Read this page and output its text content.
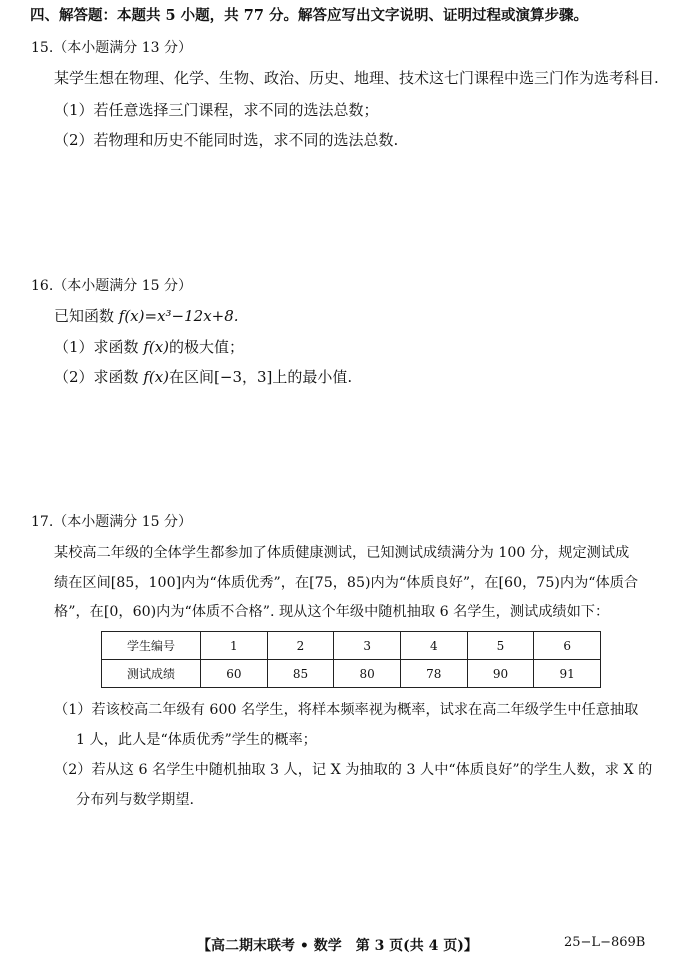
四、解答题：本题共 5 小题，共 77 分。解答应写出文字说明、证明过程或演算步骤。
15.（本小题满分 13 分）
某学生想在物理、化学、生物、政治、历史、地理、技术这七门课程中选三门作为选考科目.
（1）若任意选择三门课程，求不同的选法总数；
（2）若物理和历史不能同时选，求不同的选法总数.
16.（本小题满分 15 分）
已知函数 f(x)=x³−12x+8.
（1）求函数 f(x)的极大值；
（2）求函数 f(x)在区间[−3，3]上的最小值.
17.（本小题满分 15 分）
某校高二年级的全体学生都参加了体质健康测试，已知测试成绩满分为 100 分，规定测试成
绩在区间[85，100]内为“体质优秀”，在[75，85)内为“体质良好”，在[60，75)内为“体质合
格”，在[0，60)内为“体质不合格”. 现从这个年级中随机抽取 6 名学生，测试成绩如下：
学生编号	1	2	3	4	5	6
测试成绩	60	85	80	78	90	91
（1）若该校高二年级有 600 名学生，将样本频率视为概率，试求在高二年级学生中任意抽取
1 人，此人是“体质优秀”学生的概率；
（2）若从这 6 名学生中随机抽取 3 人，记 X 为抽取的 3 人中“体质良好”的学生人数，求 X 的
分布列与数学期望.
【高二期末联考 • 数学　第 3 页(共 4 页)】	25−L−869B
